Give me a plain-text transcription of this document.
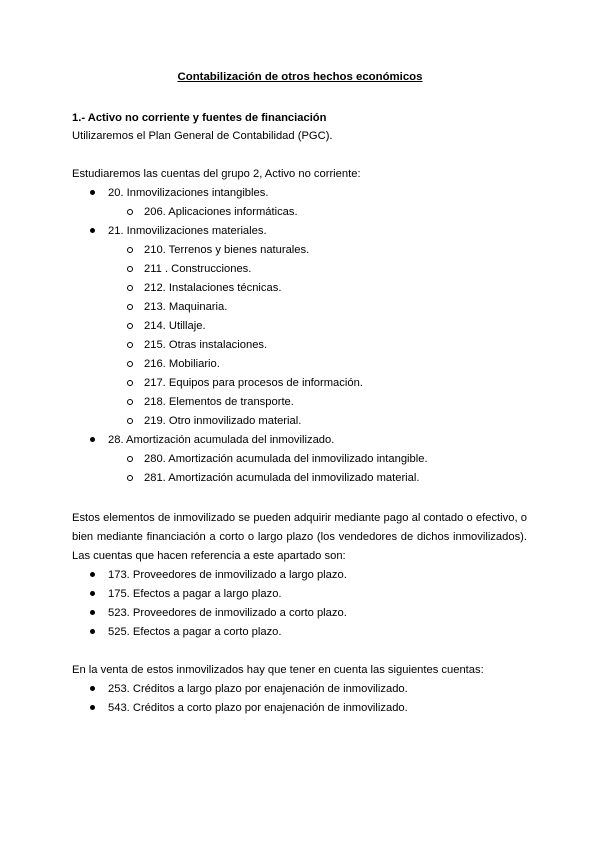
Contabilización de otros hechos económicos
1.- Activo no corriente y fuentes de financiación
Utilizaremos el Plan General de Contabilidad (PGC).
Estudiaremos las cuentas del grupo 2, Activo no corriente:
20. Inmovilizaciones intangibles.
206. Aplicaciones informáticas.
21. Inmovilizaciones materiales.
210. Terrenos y bienes naturales.
211 . Construcciones.
212. Instalaciones técnicas.
213. Maquinaria.
214. Utillaje.
215. Otras instalaciones.
216. Mobiliario.
217. Equipos para procesos de información.
218. Elementos de transporte.
219. Otro inmovilizado material.
28. Amortización acumulada del inmovilizado.
280. Amortización acumulada del inmovilizado intangible.
281. Amortización acumulada del inmovilizado material.
Estos elementos de inmovilizado se pueden adquirir mediante pago al contado o efectivo, o
bien mediante financiación a corto o largo plazo (los vendedores de dichos inmovilizados).
Las cuentas que hacen referencia a este apartado son:
173. Proveedores de inmovilizado a largo plazo.
175. Efectos a pagar a largo plazo.
523. Proveedores de inmovilizado a corto plazo.
525. Efectos a pagar a corto plazo.
En la venta de estos inmovilizados hay que tener en cuenta las siguientes cuentas:
253. Créditos a largo plazo por enajenación de inmovilizado.
543. Créditos a corto plazo por enajenación de inmovilizado.
